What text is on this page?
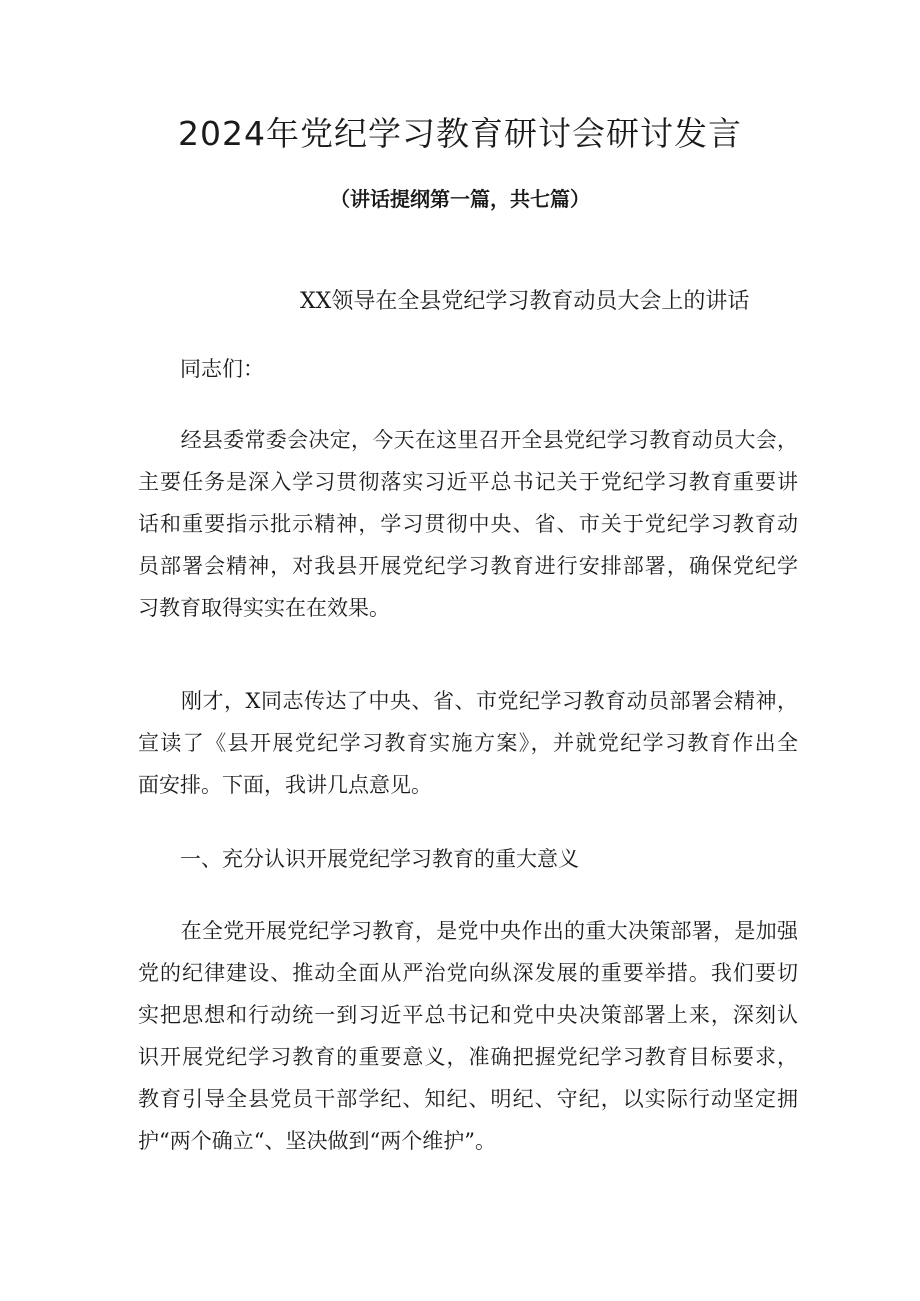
2024年党纪学习教育研讨会研讨发言
（讲话提纲第一篇，共七篇）
XX领导在全县党纪学习教育动员大会上的讲话
同志们：
　　经县委常委会决定，今天在这里召开全县党纪学习教育动员大会，
主要任务是深入学习贯彻落实习近平总书记关于党纪学习教育重要讲
话和重要指示批示精神，学习贯彻中央、省、市关于党纪学习教育动
员部署会精神，对我县开展党纪学习教育进行安排部署，确保党纪学
习教育取得实实在在效果。
　　刚才，X同志传达了中央、省、市党纪学习教育动员部署会精神，
宣读了《县开展党纪学习教育实施方案》，并就党纪学习教育作出全
面安排。下面，我讲几点意见。
一、充分认识开展党纪学习教育的重大意义
　　在全党开展党纪学习教育，是党中央作出的重大决策部署，是加强
党的纪律建设、推动全面从严治党向纵深发展的重要举措。我们要切
实把思想和行动统一到习近平总书记和党中央决策部署上来，深刻认
识开展党纪学习教育的重要意义，准确把握党纪学习教育目标要求，
教育引导全县党员干部学纪、知纪、明纪、守纪，以实际行动坚定拥
护“两个确立“、坚决做到“两个维护”。
